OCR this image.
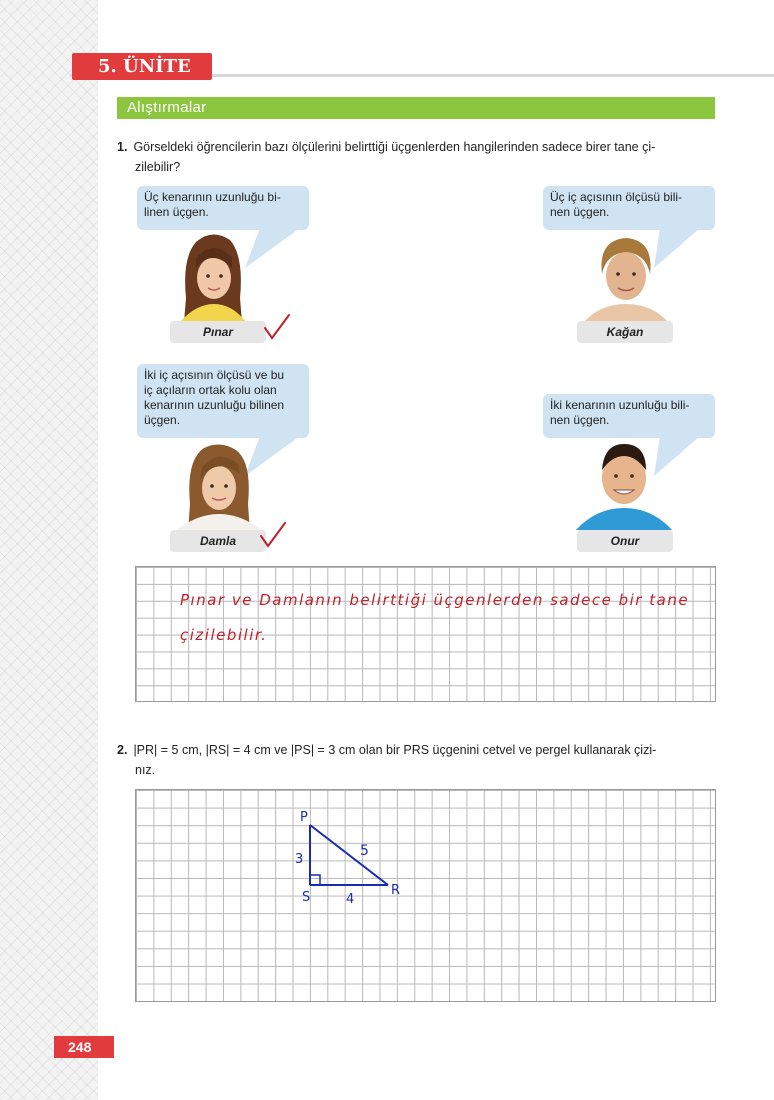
5. ÜNİTE
Alıştırmalar
1. Görseldeki öğrencilerin bazı ölçülerini belirttiği üçgenlerden hangilerinden sadece birer tane çi-
zilebilir?
Üç kenarının uzunluğu bi-
linen üçgen.
Pınar
Üç iç açısının ölçüsü bili-
nen üçgen.
Kağan
İki iç açısının ölçüsü ve bu
iç açıların ortak kolu olan
kenarının uzunluğu bilinen
üçgen.
Damla
İki kenarının uzunluğu bili-
nen üçgen.
Onur
Pınar ve Damlanın belirttiği üçgenlerden sadece bir tane
çizilebilir.
2. |PR| = 5 cm, |RS| = 4 cm ve |PS| = 3 cm olan bir PRS üçgenini cetvel ve pergel kullanarak çizi-
nız.
P
S	R
5
3
4
248
